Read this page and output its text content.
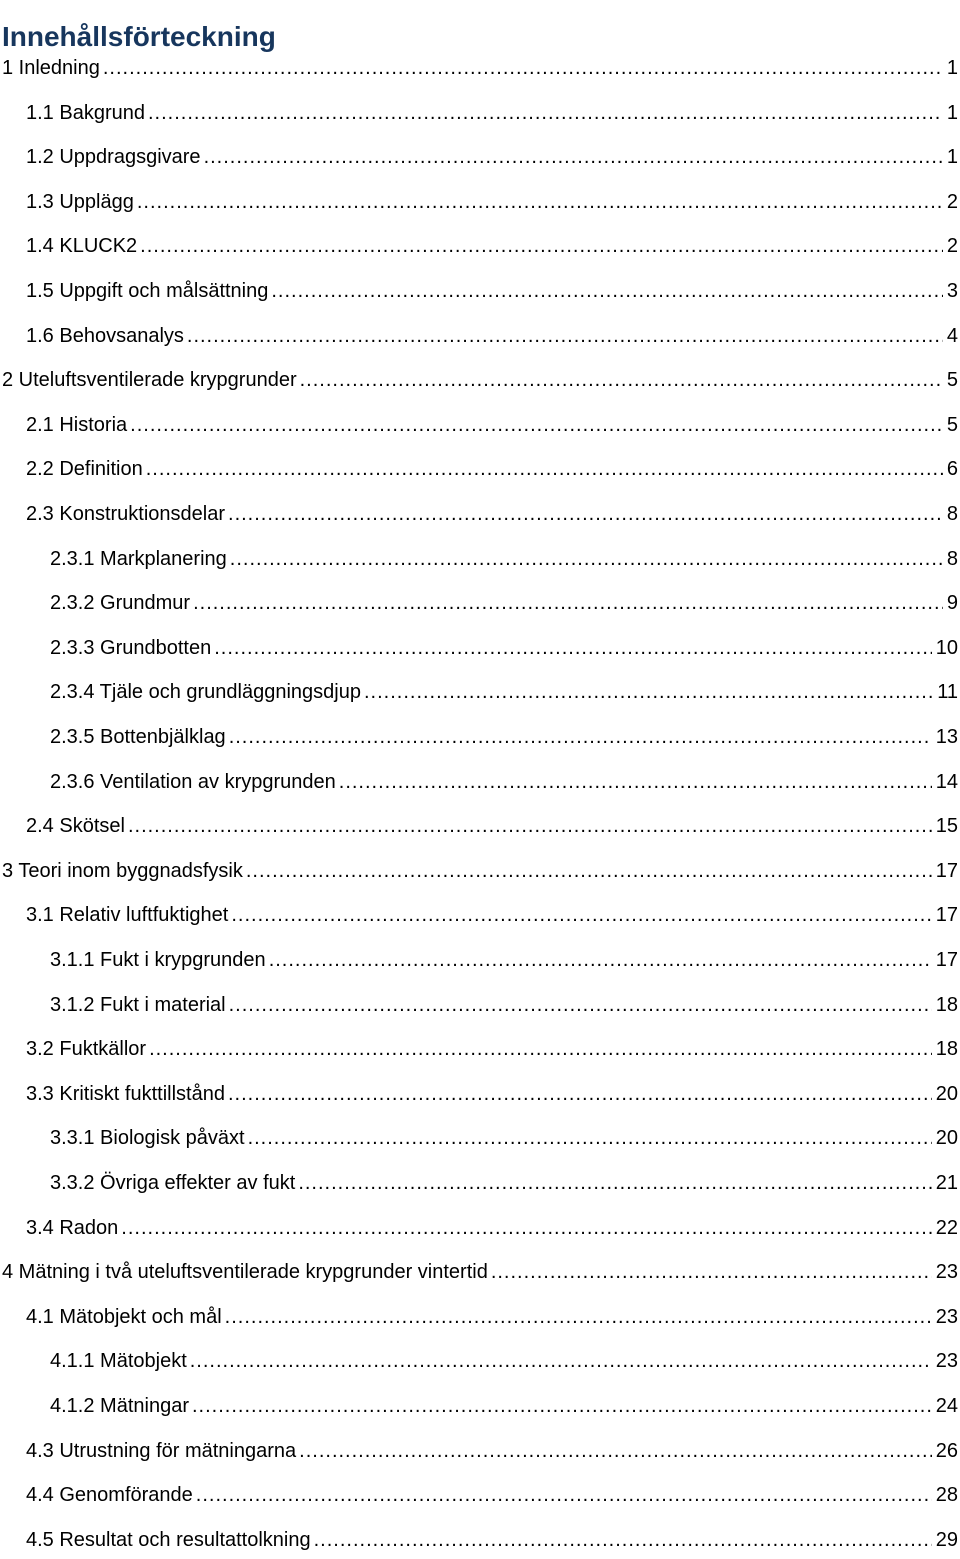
Innehållsförteckning
1 Inledning .....	1
1.1 Bakgrund .....	1
1.2 Uppdragsgivare .....	1
1.3 Upplägg .....	2
1.4 KLUCK2 .....	2
1.5 Uppgift och målsättning .....	3
1.6 Behovsanalys .....	4
2 Uteluftsventilerade krypgrunder .....	5
2.1 Historia .....	5
2.2 Definition .....	6
2.3 Konstruktionsdelar .....	8
2.3.1 Markplanering .....	8
2.3.2 Grundmur .....	9
2.3.3 Grundbotten .....	10
2.3.4 Tjäle och grundläggningsdjup .....	11
2.3.5 Bottenbjälklag .....	13
2.3.6 Ventilation av krypgrunden .....	14
2.4 Skötsel .....	15
3 Teori inom byggnadsfysik .....	17
3.1 Relativ luftfuktighet .....	17
3.1.1 Fukt i krypgrunden .....	17
3.1.2 Fukt i material .....	18
3.2 Fuktkällor .....	18
3.3 Kritiskt fukttillstånd .....	20
3.3.1 Biologisk påväxt .....	20
3.3.2 Övriga effekter av fukt .....	21
3.4 Radon .....	22
4 Mätning i två uteluftsventilerade krypgrunder vintertid .....	23
4.1 Mätobjekt och mål .....	23
4.1.1 Mätobjekt .....	23
4.1.2 Mätningar .....	24
4.3 Utrustning för mätningarna .....	26
4.4 Genomförande .....	28
4.5 Resultat och resultattolkning .....	29
